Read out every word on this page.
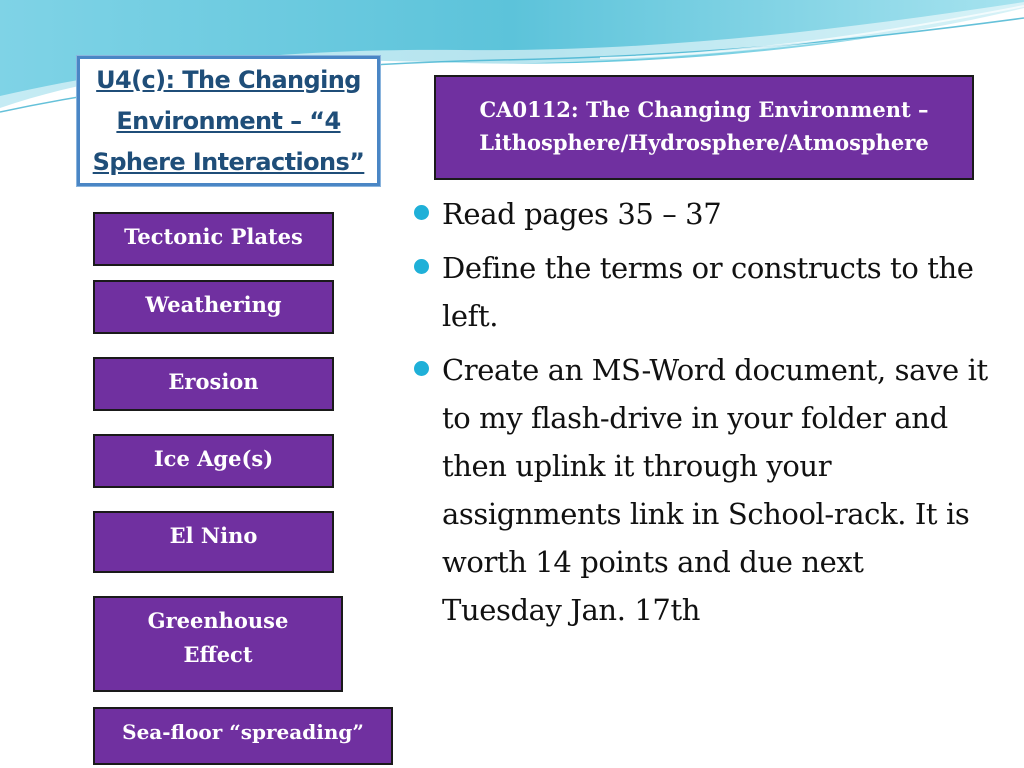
U4(c): The Changing
Environment – “4
Sphere Interactions”
CA0112: The Changing Environment –
Lithosphere/Hydrosphere/Atmosphere
Tectonic Plates
Weathering
Erosion
Ice Age(s)
El Nino
Greenhouse
Effect
Sea-floor “spreading”
Read pages 35 – 37
Define the terms or constructs to the left.
Create an MS-Word document, save it to my flash-drive in your folder and then uplink it through your assignments link in School-rack. It is worth 14 points and due next Tuesday Jan. 17th
